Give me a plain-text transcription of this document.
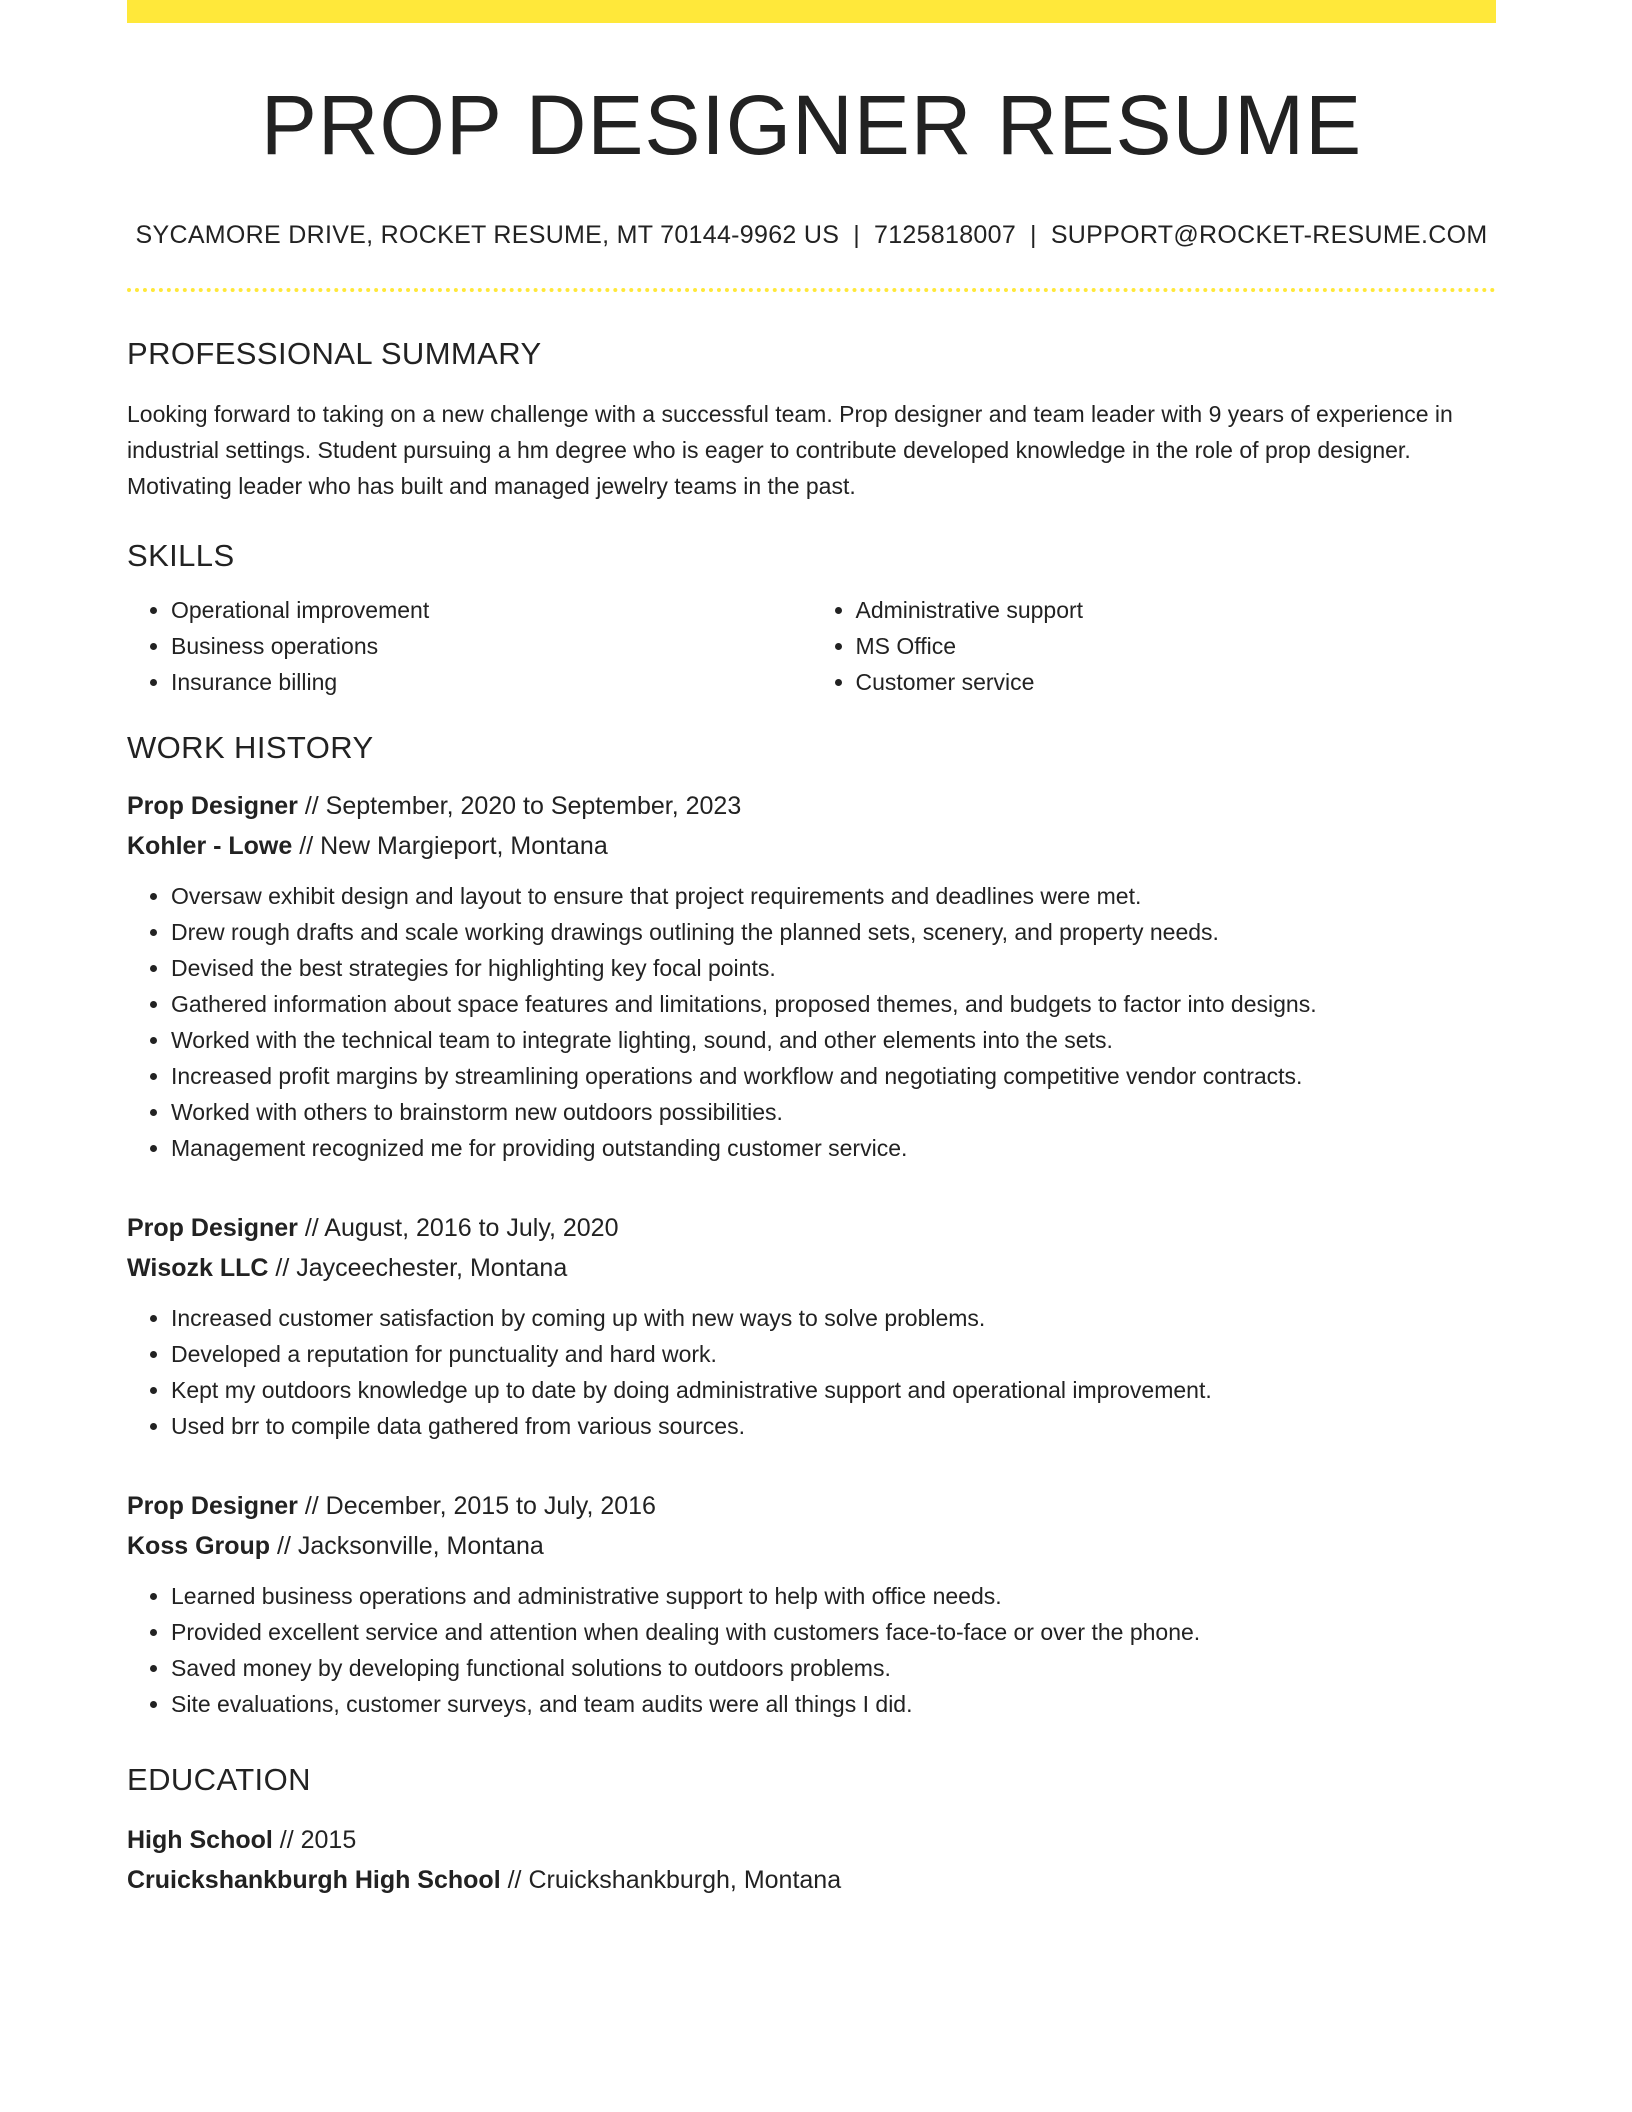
PROP DESIGNER RESUME
SYCAMORE DRIVE, ROCKET RESUME, MT 70144-9962 US | 7125818007 | SUPPORT@ROCKET-RESUME.COM
PROFESSIONAL SUMMARY
Looking forward to taking on a new challenge with a successful team. Prop designer and team leader with 9 years of experience in industrial settings. Student pursuing a hm degree who is eager to contribute developed knowledge in the role of prop designer. Motivating leader who has built and managed jewelry teams in the past.
SKILLS
• Operational improvement
• Business operations
• Insurance billing
• Administrative support
• MS Office
• Customer service
WORK HISTORY
Prop Designer // September, 2020 to September, 2023
Kohler - Lowe // New Margieport, Montana
• Oversaw exhibit design and layout to ensure that project requirements and deadlines were met.
• Drew rough drafts and scale working drawings outlining the planned sets, scenery, and property needs.
• Devised the best strategies for highlighting key focal points.
• Gathered information about space features and limitations, proposed themes, and budgets to factor into designs.
• Worked with the technical team to integrate lighting, sound, and other elements into the sets.
• Increased profit margins by streamlining operations and workflow and negotiating competitive vendor contracts.
• Worked with others to brainstorm new outdoors possibilities.
• Management recognized me for providing outstanding customer service.
Prop Designer // August, 2016 to July, 2020
Wisozk LLC // Jayceechester, Montana
• Increased customer satisfaction by coming up with new ways to solve problems.
• Developed a reputation for punctuality and hard work.
• Kept my outdoors knowledge up to date by doing administrative support and operational improvement.
• Used brr to compile data gathered from various sources.
Prop Designer // December, 2015 to July, 2016
Koss Group // Jacksonville, Montana
• Learned business operations and administrative support to help with office needs.
• Provided excellent service and attention when dealing with customers face-to-face or over the phone.
• Saved money by developing functional solutions to outdoors problems.
• Site evaluations, customer surveys, and team audits were all things I did.
EDUCATION
High School // 2015
Cruickshankburgh High School // Cruickshankburgh, Montana
